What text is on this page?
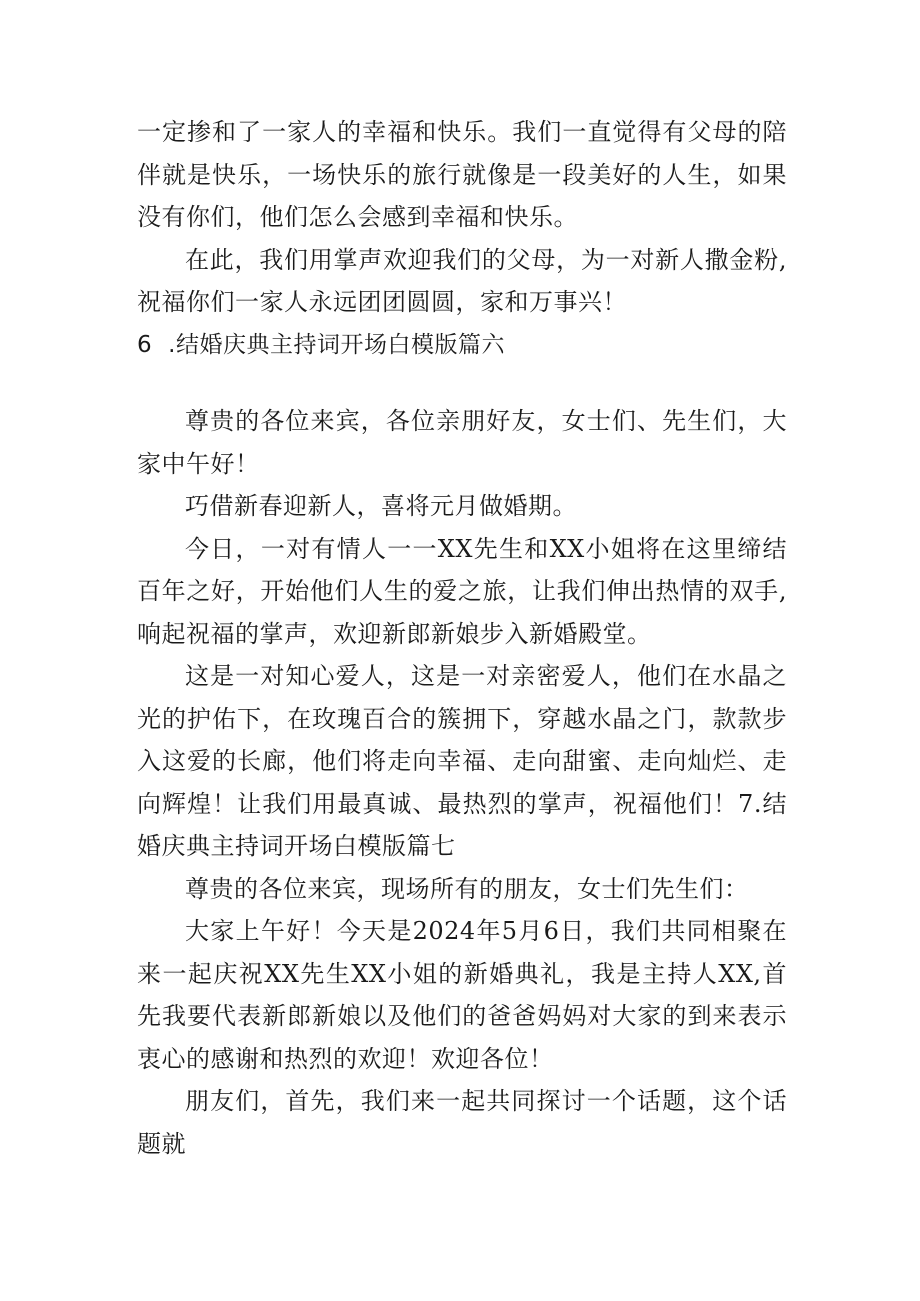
一定掺和了一家人的幸福和快乐。我们一直觉得有父母的陪伴就是快乐，一场快乐的旅行就像是一段美好的人生，如果没有你们，他们怎么会感到幸福和快乐。

在此，我们用掌声欢迎我们的父母，为一对新人撒金粉,祝福你们一家人永远团团圆圆，家和万事兴！

6 .结婚庆典主持词开场白模版篇六

尊贵的各位来宾，各位亲朋好友，女士们、先生们，大家中午好！

巧借新春迎新人，喜将元月做婚期。

今日，一对有情人一一XX先生和XX小姐将在这里缔结百年之好，开始他们人生的爱之旅，让我们伸出热情的双手,响起祝福的掌声，欢迎新郎新娘步入新婚殿堂。

这是一对知心爱人，这是一对亲密爱人，他们在水晶之光的护佑下，在玫瑰百合的簇拥下，穿越水晶之门，款款步入这爱的长廊，他们将走向幸福、走向甜蜜、走向灿烂、走向辉煌！让我们用最真诚、最热烈的掌声，祝福他们！7.结婚庆典主持词开场白模版篇七

尊贵的各位来宾，现场所有的朋友，女士们先生们：

大家上午好！今天是2024年5月6日，我们共同相聚在来一起庆祝XX先生XX小姐的新婚典礼，我是主持人XX,首先我要代表新郎新娘以及他们的爸爸妈妈对大家的到来表示衷心的感谢和热烈的欢迎！欢迎各位！

朋友们，首先，我们来一起共同探讨一个话题，这个话题就
